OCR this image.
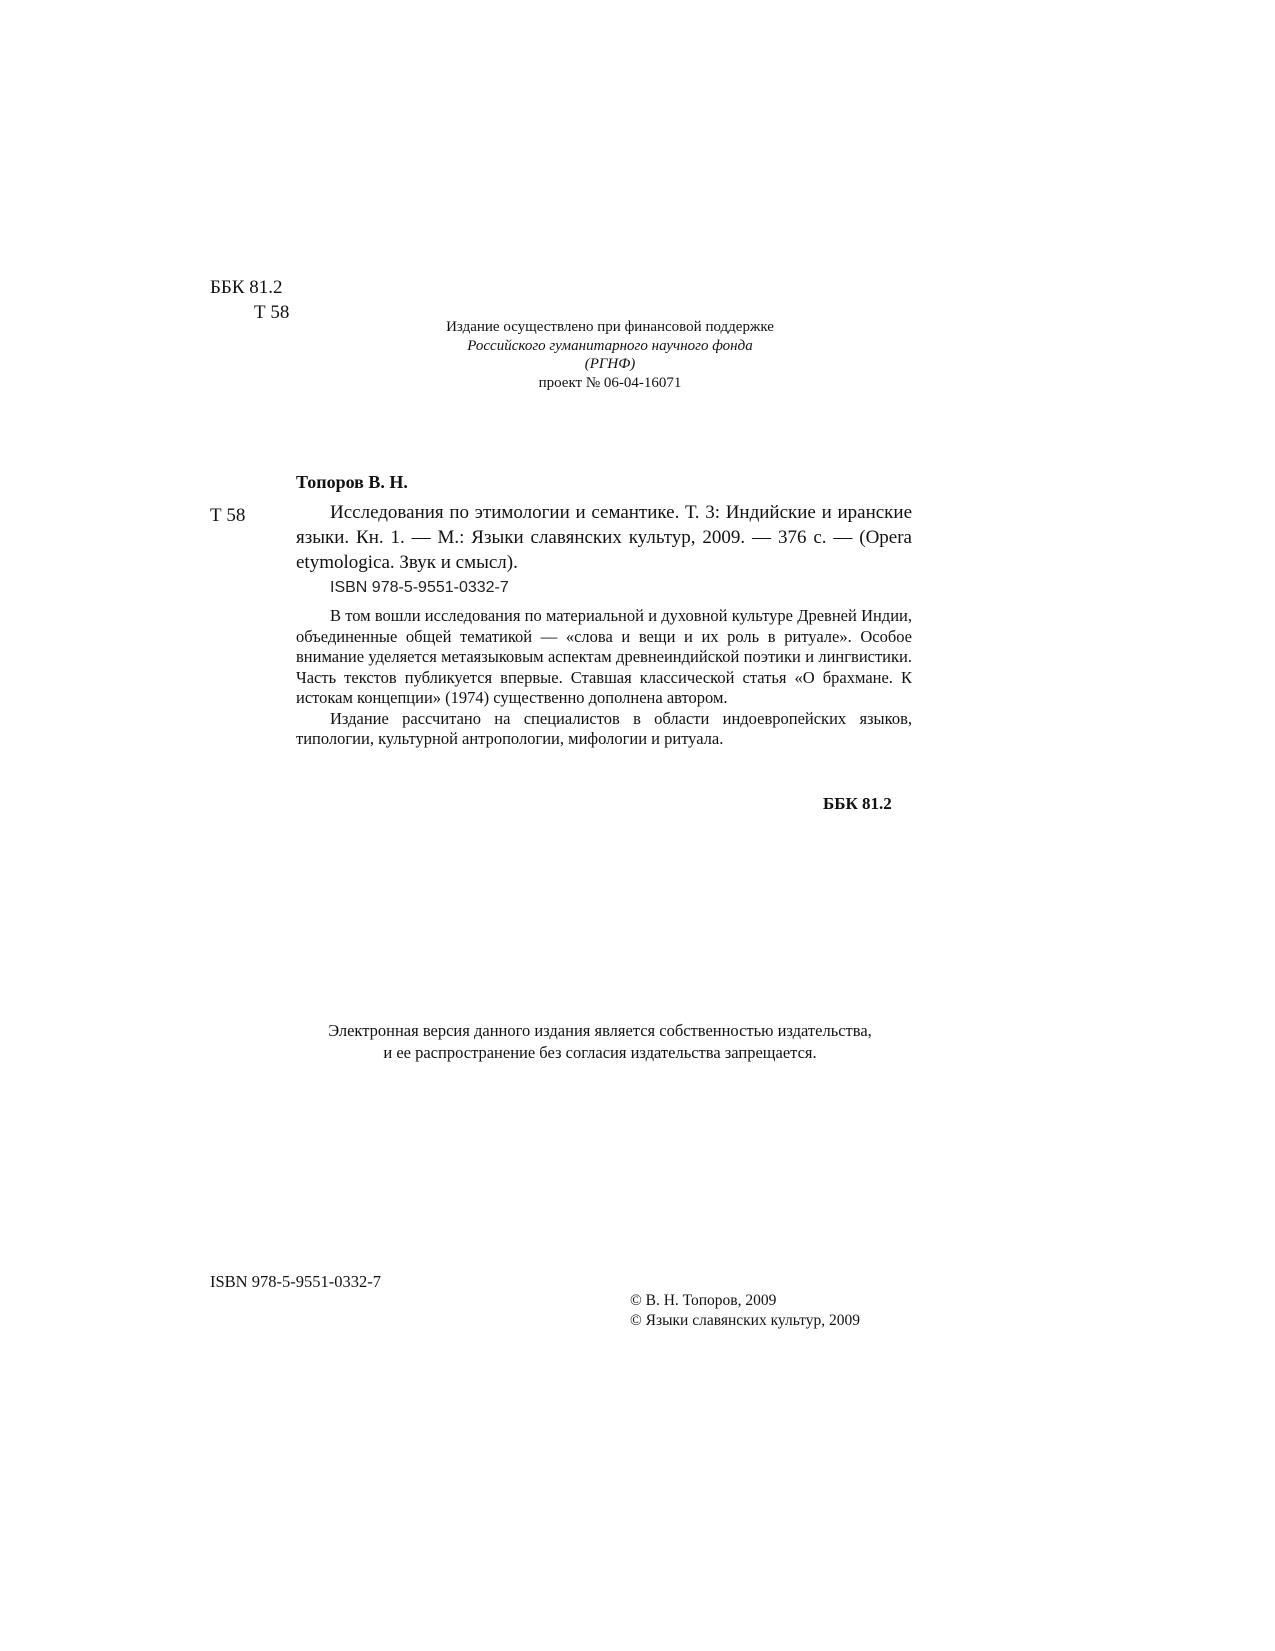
ББК 81.2
Т 58
Издание осуществлено при финансовой поддержке
Российского гуманитарного научного фонда
(РГНФ)
проект № 06-04-16071
Топоров В. Н.
Т 58	Исследования по этимологии и семантике. Т. 3: Индийские и иранские языки. Кн. 1. — М.: Языки славянских культур, 2009. — 376 с. — (Opera etymologica. Звук и смысл).
ISBN 978-5-9551-0332-7

В том вошли исследования по материальной и духовной культуре Древней Индии, объединенные общей тематикой — «слова и вещи и их роль в ритуале». Особое внимание уделяется метаязыковым аспектам древнеиндийской поэтики и лингвистики. Часть текстов публикуется впервые. Ставшая классической статья «О брахмане. К истокам концепции» (1974) существенно дополнена автором.

Издание рассчитано на специалистов в области индоевропейских языков, типологии, культурной антропологии, мифологии и ритуала.

ББК 81.2
Электронная версия данного издания является собственностью издательства,
и ее распространение без согласия издательства запрещается.
ISBN 978-5-9551-0332-7
© В. Н. Топоров, 2009
© Языки славянских культур, 2009
